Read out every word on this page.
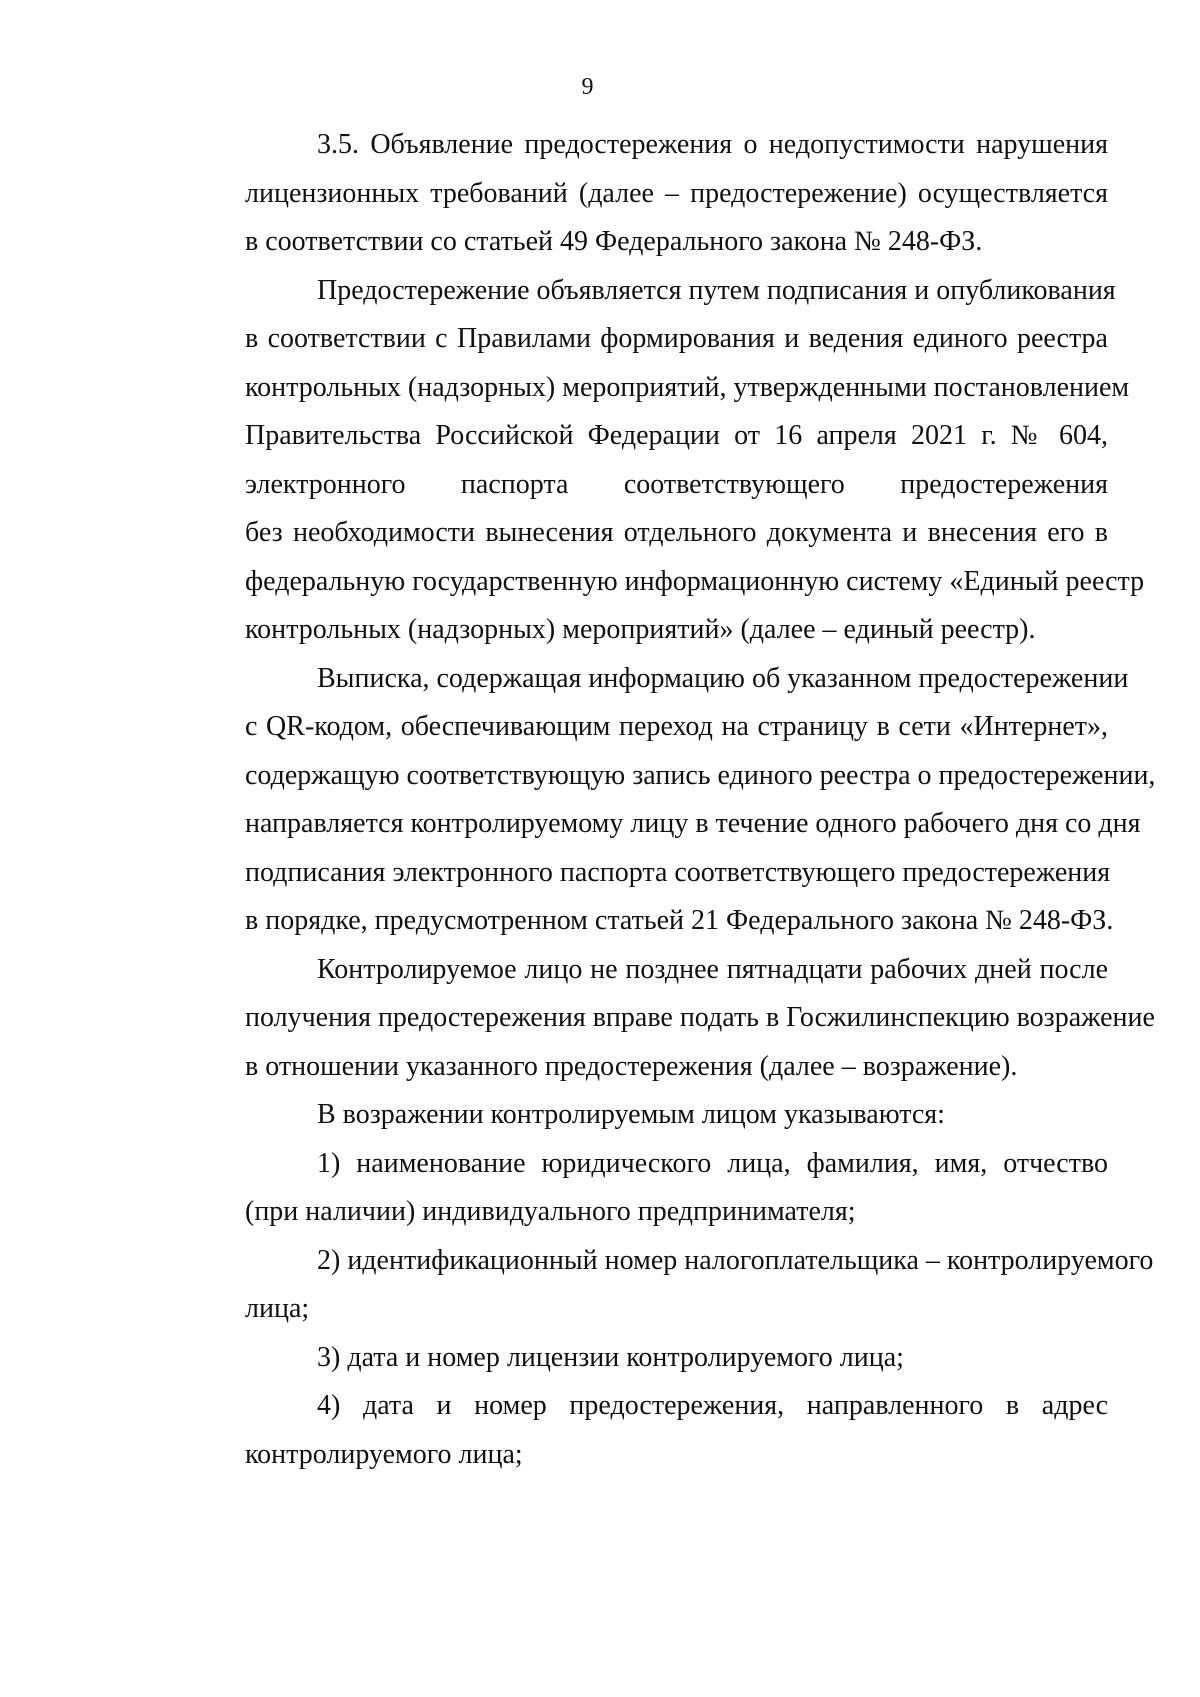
9
3.5. Объявление предостережения о недопустимости нарушения
лицензионных требований (далее – предостережение) осуществляется
в соответствии со статьей 49 Федерального закона № 248-ФЗ.
Предостережение объявляется путем подписания и опубликования
в соответствии с Правилами формирования и ведения единого реестра
контрольных (надзорных) мероприятий, утвержденными постановлением
Правительства Российской Федерации от 16 апреля 2021 г. № 604,
электронного паспорта соответствующего предостережения
без необходимости вынесения отдельного документа и внесения его в
федеральную государственную информационную систему «Единый реестр
контрольных (надзорных) мероприятий» (далее – единый реестр).
Выписка, содержащая информацию об указанном предостережении
с QR-кодом, обеспечивающим переход на страницу в сети «Интернет»,
содержащую соответствующую запись единого реестра о предостережении,
направляется контролируемому лицу в течение одного рабочего дня со дня
подписания электронного паспорта соответствующего предостережения
в порядке, предусмотренном статьей 21 Федерального закона № 248-ФЗ.
Контролируемое лицо не позднее пятнадцати рабочих дней после
получения предостережения вправе подать в Госжилинспекцию возражение
в отношении указанного предостережения (далее – возражение).
В возражении контролируемым лицом указываются:
1) наименование юридического лица, фамилия, имя, отчество
(при наличии) индивидуального предпринимателя;
2) идентификационный номер налогоплательщика – контролируемого
лица;
3) дата и номер лицензии контролируемого лица;
4) дата и номер предостережения, направленного в адрес
контролируемого лица;
